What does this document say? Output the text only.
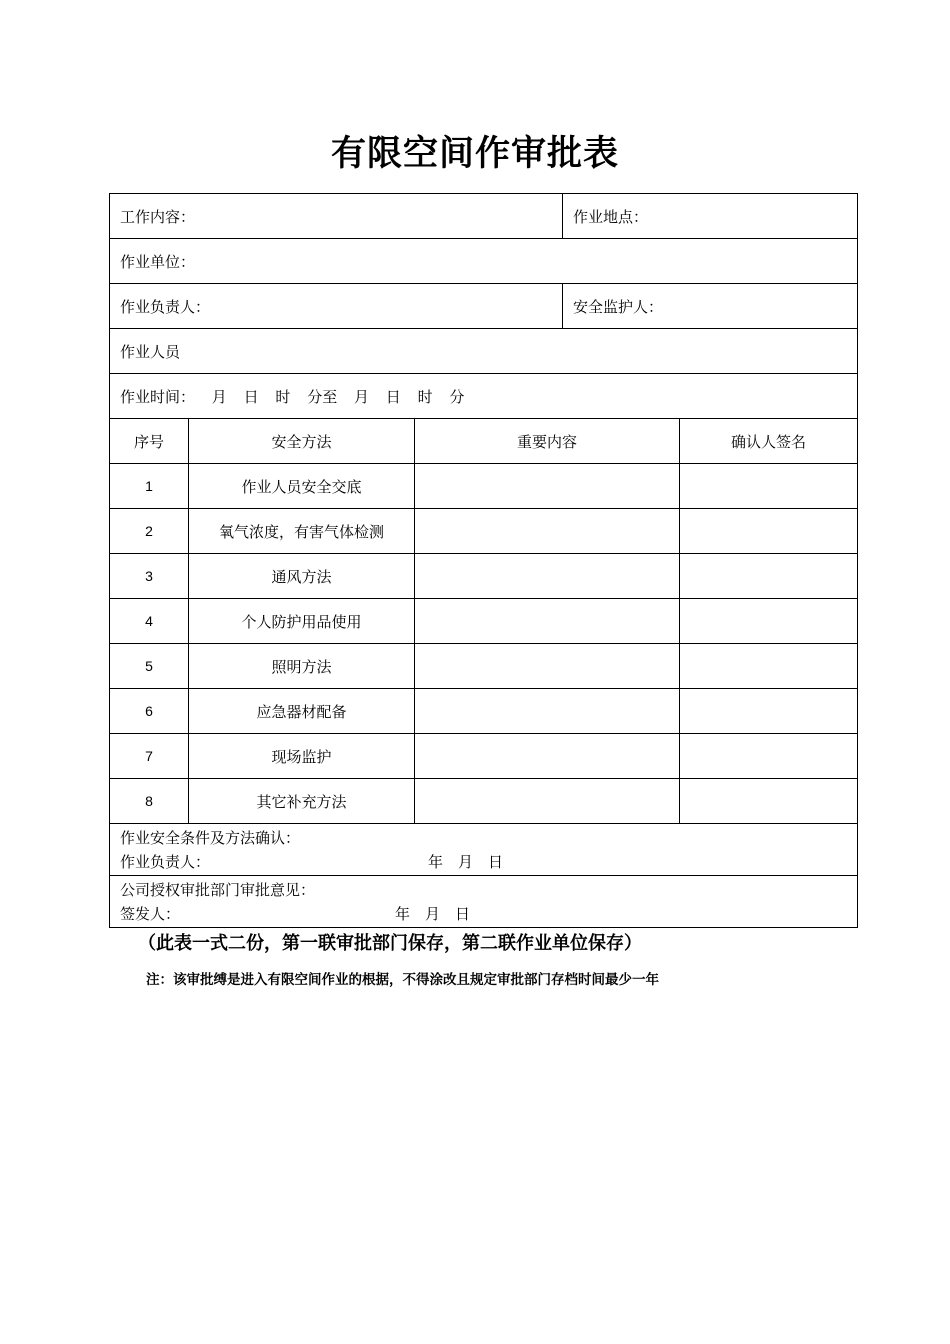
有限空间作审批表
工作内容：			作业地点：	
作业单位：				
作业负责人：			安全监护人：	
作业人员				
作业时间： 月 日 时 分至 月 日 时 分				
序号	安全方法	重要内容		确认人签名
1	作业人员安全交底			
2	氧气浓度，有害气体检测			
3	通风方法			
4	个人防护用品使用			
5	照明方法			
6	应急器材配备			
7	现场监护			
8	其它补充方法			

作业安全条件及方法确认：
作业负责人： 年　月　日				

公司授权审批部门审批意见：
签发人： 年　月　日				
（此表一式二份，第一联审批部门保存，第二联作业单位保存）
注：该审批缚是进入有限空间作业的根据，不得涂改且规定审批部门存档时间最少一年
